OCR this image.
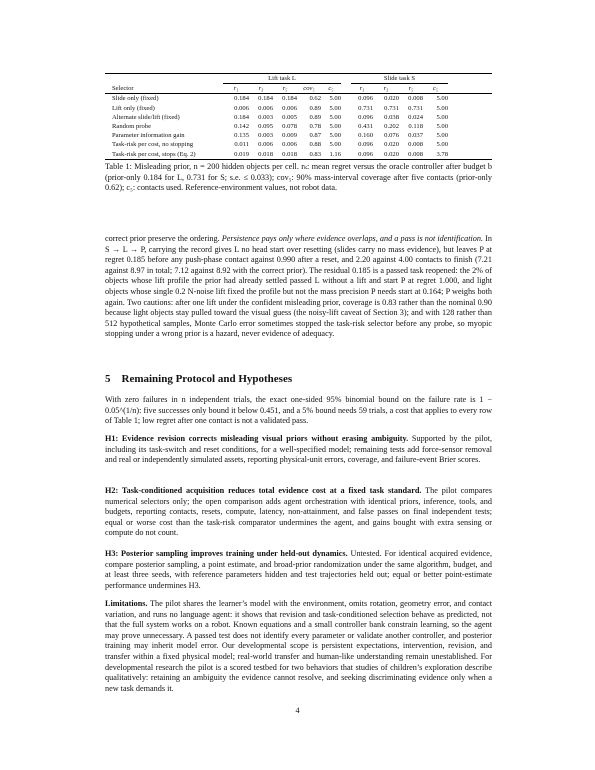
	Lift task L						Slide task S				
Selector	r₁	r₃	r₅	cov₅	c₅		r₁	r₃	r₅	c₅	
Slide only (fixed)	0.184	0.184	0.184	0.62	5.00		0.096	0.020	0.008	5.00	
Lift only (fixed)	0.006	0.006	0.006	0.89	5.00		0.731	0.731	0.731	5.00	
Alternate slide/lift (fixed)	0.184	0.003	0.005	0.89	5.00		0.096	0.038	0.024	5.00	
Random probe	0.142	0.095	0.078	0.78	5.00		0.431	0.202	0.118	5.00	
Parameter information gain	0.135	0.003	0.009	0.87	5.00		0.160	0.076	0.037	5.00	
Task-risk per cost, no stopping	0.011	0.006	0.006	0.88	5.00		0.096	0.020	0.008	5.00	
Task-risk per cost, stops (Eq. 2)	0.019	0.018	0.018	0.83	1.16		0.096	0.020	0.008	3.78	
Table 1: Misleading prior, n = 200 hidden objects per cell. rₖ: mean regret versus the oracle controller after budget b (prior-only 0.184 for L, 0.731 for S; s.e. ≤ 0.033); cov₅: 90% mass-interval coverage after five contacts (prior-only 0.62); c₅: contacts used. Reference-environment values, not robot data.

correct prior preserve the ordering. Persistence pays only where evidence overlaps, and a pass is not identification. In S → L → P, carrying the record gives L no head start over resetting (slides carry no mass evidence), but leaves P at regret 0.185 before any push-phase contact against 0.990 after a reset, and 2.20 against 4.00 contacts to finish (7.21 against 8.97 in total; 7.12 against 8.92 with the correct prior). The residual 0.185 is a passed task reopened: the 2% of objects whose lift profile the prior had already settled passed L without a lift and start P at regret 1.000, and light objects whose single 0.2 N-noise lift fixed the profile but not the mass precision P needs start at 0.164; P weighs both again. Two cautions: after one lift under the confident misleading prior, coverage is 0.83 rather than the nominal 0.90 because light objects stay pulled toward the visual guess (the noisy-lift caveat of Section 3); and with 128 rather than 512 hypothetical samples, Monte Carlo error sometimes stopped the task-risk selector before any probe, so myopic stopping under a wrong prior is a hazard, never evidence of adequacy.

5 Remaining Protocol and Hypotheses

With zero failures in n independent trials, the exact one-sided 95% binomial bound on the failure rate is 1 − 0.05^(1/n): five successes only bound it below 0.451, and a 5% bound needs 59 trials, a cost that applies to every row of Table 1; low regret after one contact is not a validated pass.

H1: Evidence revision corrects misleading visual priors without erasing ambiguity. Supported by the pilot, including its task-switch and reset conditions, for a well-specified model; remaining tests add force-sensor removal and real or independently simulated assets, reporting physical-unit errors, coverage, and failure-event Brier scores.

H2: Task-conditioned acquisition reduces total evidence cost at a fixed task standard. The pilot compares numerical selectors only; the open comparison adds agent orchestration with identical priors, inference, tools, and budgets, reporting contacts, resets, compute, latency, non-attainment, and false passes on final independent tests; equal or worse cost than the task-risk comparator undermines the agent, and gains bought with extra sensing or compute do not count.

H3: Posterior sampling improves training under held-out dynamics. Untested. For identical acquired evidence, compare posterior sampling, a point estimate, and broad-prior randomization under the same algorithm, budget, and at least three seeds, with reference parameters hidden and test trajectories held out; equal or better point-estimate performance undermines H3.

Limitations. The pilot shares the learner’s model with the environment, omits rotation, geometry error, and contact variation, and runs no language agent: it shows that revision and task-conditioned selection behave as predicted, not that the full system works on a robot. Known equations and a small controller bank constrain learning, so the agent may prove unnecessary. A passed test does not identify every parameter or validate another controller, and posterior training may inherit model error. Our developmental scope is persistent expectations, intervention, revision, and transfer within a fixed physical model; real-world transfer and human-like understanding remain unestablished. For developmental research the pilot is a scored testbed for two behaviors that studies of children’s exploration describe qualitatively: retaining an ambiguity the evidence cannot resolve, and seeking discriminating evidence only when a new task demands it.

4
